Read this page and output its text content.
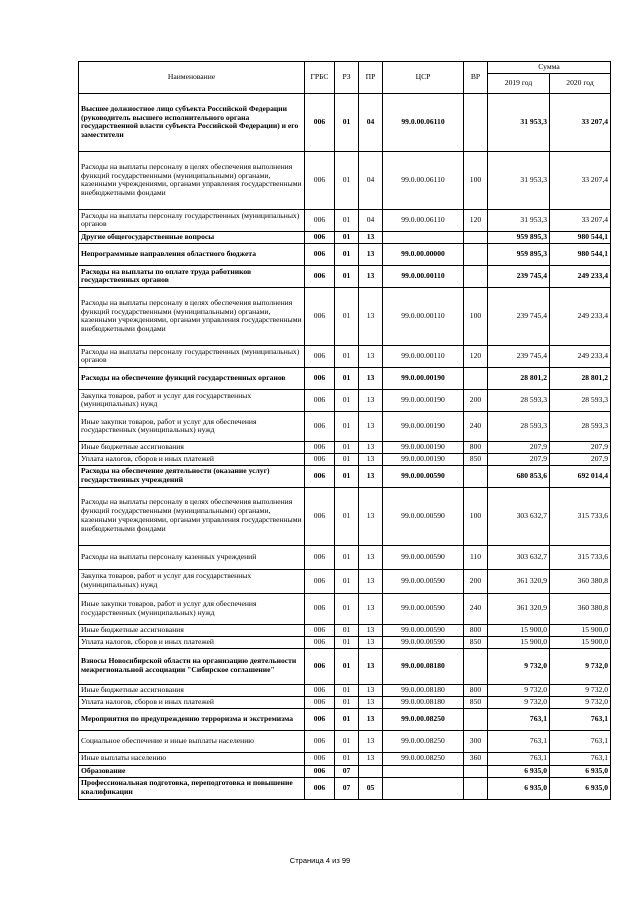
Наименование	ГРБС	РЗ	ПР	ЦСР	ВР	Сумма	
						2019 год	2020 год
Высшее должностное лицо субъекта Российской Федерации (руководитель высшего исполнительного органа государственной власти субъекта Российской Федерации) и его заместители	006	01	04	99.0.00.06110		31 953,3	33 207,4
Расходы на выплаты персоналу в целях обеспечения выполнения функций государственными (муниципальными) органами, казенными учреждениями, органами управления государственными внебюджетными фондами	006	01	04	99.0.00.06110	100	31 953,3	33 207,4
Расходы на выплаты персоналу государственных (муниципальных) органов	006	01	04	99.0.00.06110	120	31 953,3	33 207,4
Другие общегосударственные вопросы	006	01	13			959 895,3	980 544,1
Непрограммные направления областного бюджета	006	01	13	99.0.00.00000		959 895,3	980 544,1
Расходы на выплаты по оплате труда работников государственных органов	006	01	13	99.0.00.00110		239 745,4	249 233,4
Расходы на выплаты персоналу в целях обеспечения выполнения функций государственными (муниципальными) органами, казенными учреждениями, органами управления государственными внебюджетными фондами	006	01	13	99.0.00.00110	100	239 745,4	249 233,4
Расходы на выплаты персоналу государственных (муниципальных) органов	006	01	13	99.0.00.00110	120	239 745,4	249 233,4
Расходы на обеспечение функций государственных органов	006	01	13	99.0.00.00190		28 801,2	28 801,2
Закупка товаров, работ и услуг для государственных (муниципальных) нужд	006	01	13	99.0.00.00190	200	28 593,3	28 593,3
Иные закупки товаров, работ и услуг для обеспечения государственных (муниципальных) нужд	006	01	13	99.0.00.00190	240	28 593,3	28 593,3
Иные бюджетные ассигнования	006	01	13	99.0.00.00190	800	207,9	207,9
Уплата налогов, сборов и иных платежей	006	01	13	99.0.00.00190	850	207,9	207,9
Расходы на обеспечение деятельности (оказание услуг) государственных учреждений	006	01	13	99.0.00.00590		680 853,6	692 014,4
Расходы на выплаты персоналу в целях обеспечения выполнения функций государственными (муниципальными) органами, казенными учреждениями, органами управления государственными внебюджетными фондами	006	01	13	99.0.00.00590	100	303 632,7	315 733,6
Расходы на выплаты персоналу казенных учреждений	006	01	13	99.0.00.00590	110	303 632,7	315 733,6
Закупка товаров, работ и услуг для государственных (муниципальных) нужд	006	01	13	99.0.00.00590	200	361 320,9	360 380,8
Иные закупки товаров, работ и услуг для обеспечения государственных (муниципальных) нужд	006	01	13	99.0.00.00590	240	361 320,9	360 380,8
Иные бюджетные ассигнования	006	01	13	99.0.00.00590	800	15 900,0	15 900,0
Уплата налогов, сборов и иных платежей	006	01	13	99.0.00.00590	850	15 900,0	15 900,0
Взносы Новосибирской области на организацию деятельности межрегиональной ассоциации "Сибирское соглашение"	006	01	13	99.0.00.08180		9 732,0	9 732,0
Иные бюджетные ассигнования	006	01	13	99.0.00.08180	800	9 732,0	9 732,0
Уплата налогов, сборов и иных платежей	006	01	13	99.0.00.08180	850	9 732,0	9 732,0
Мероприятия по предупреждению терроризма и экстремизма	006	01	13	99.0.00.08250		763,1	763,1
Социальное обеспечение и иные выплаты населению	006	01	13	99.0.00.08250	300	763,1	763,1
Иные выплаты населению	006	01	13	99.0.00.08250	360	763,1	763,1
Образование	006	07				6 935,0	6 935,0
Профессиональная подготовка, переподготовка и повышение квалификации	006	07	05			6 935,0	6 935,0
Страница 4 из 99
